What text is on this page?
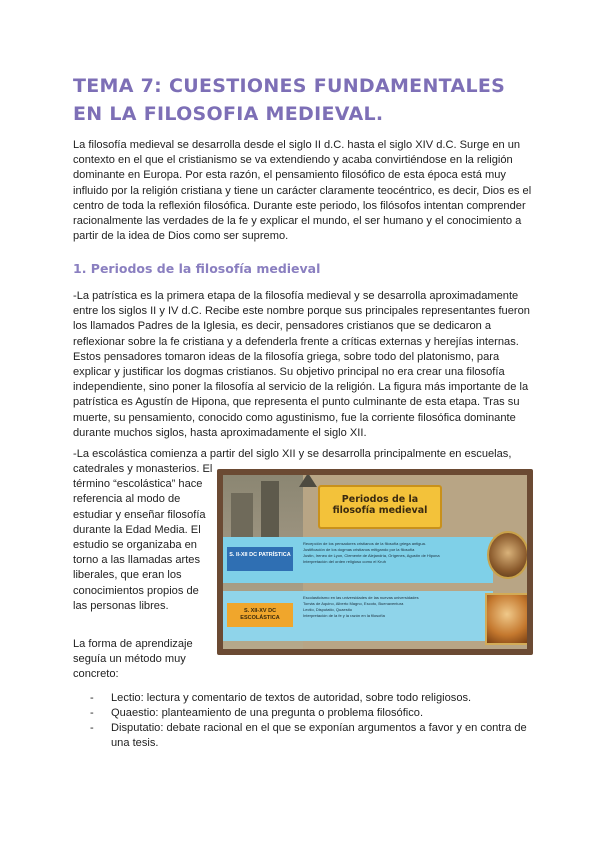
TEMA 7: CUESTIONES FUNDAMENTALES EN LA FILOSOFIA MEDIEVAL.
La filosofía medieval se desarrolla desde el siglo II d.C. hasta el siglo XIV d.C. Surge en un contexto en el que el cristianismo se va extendiendo y acaba convirtiéndose en la religión dominante en Europa. Por esta razón, el pensamiento filosófico de esta época está muy influido por la religión cristiana y tiene un carácter claramente teocéntrico, es decir, Dios es el centro de toda la reflexión filosófica. Durante este periodo, los filósofos intentan comprender racionalmente las verdades de la fe y explicar el mundo, el ser humano y el conocimiento a partir de la idea de Dios como ser supremo.
1. Periodos de la filosofía medieval
-La patrística es la primera etapa de la filosofía medieval y se desarrolla aproximadamente entre los siglos II y IV d.C. Recibe este nombre porque sus principales representantes fueron los llamados Padres de la Iglesia, es decir, pensadores cristianos que se dedicaron a reflexionar sobre la fe cristiana y a defenderla frente a críticas externas y herejías internas. Estos pensadores tomaron ideas de la filosofía griega, sobre todo del platonismo, para explicar y justificar los dogmas cristianos. Su objetivo principal no era crear una filosofía independiente, sino poner la filosofía al servicio de la religión. La figura más importante de la patrística es Agustín de Hipona, que representa el punto culminante de esta etapa. Tras su muerte, su pensamiento, conocido como agustinismo, fue la corriente filosófica dominante durante muchos siglos, hasta aproximadamente el siglo XII.
-La escolástica comienza a partir del siglo XII y se desarrolla principalmente en escuelas,
catedrales y monasterios. El término “escolástica” hace referencia al modo de estudiar y enseñar filosofía durante la Edad Media. El estudio se organizaba en torno a las llamadas artes liberales, que eran los conocimientos propios de las personas libres.
La forma de aprendizaje seguía un método muy concreto:
- Lectio: lectura y comentario de textos de autoridad, sobre todo religiosos.
- Quaestio: planteamiento de una pregunta o problema filosófico.
- Disputatio: debate racional en el que se exponían argumentos a favor y en contra de una tesis.
Periodos de la filosofía medieval
S. II-XII DC PATRÍSTICA
S. XII-XV DC ESCOLÁSTICA
Recepción de los pensadores cristianos de la filosofía griega antigua.
Justificación de los dogmas cristianos mitigando por la filosofía
Justin, Ireneo de Lyon, Clemente de Alejandría, Orígenes, Agustín de Hipona
Interpretación del orden religioso como el Kruh
Escolasticismo en las universidades de las nuevas universidades
Tomás de Aquino, Alberto Magno, Escoto, Buenaventura
Lectio, Disputatio, Quaestio
Interpretación de la fe y la razón en la filosofía
